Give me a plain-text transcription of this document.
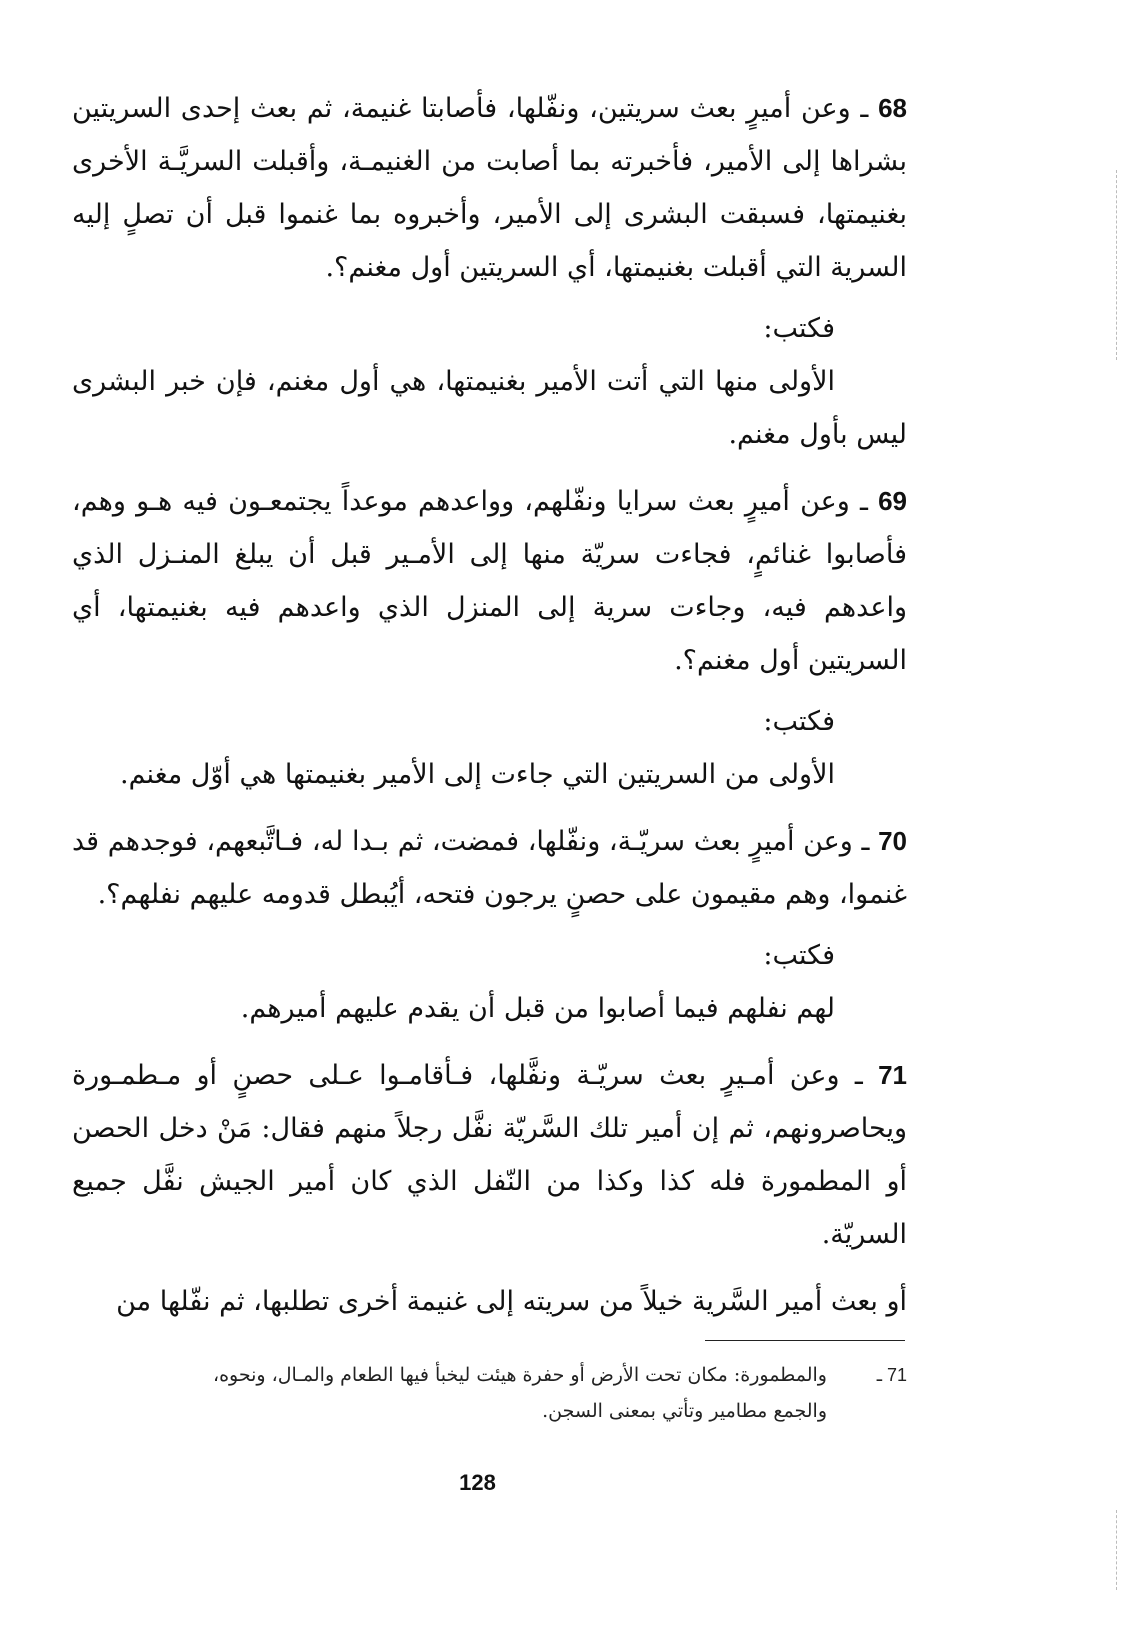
68 ـ وعن أميرٍ بعث سريتين، ونفّلها، فأصابتا غنيمة، ثم بعث إحدى السريتين بشراها إلى الأمير، فأخبرته بما أصابت من الغنيمـة، وأقبلت السريَّـة الأخرى بغنيمتها، فسبقت البشرى إلى الأمير، وأخبروه بما غنموا قبل أن تصلٍ إليه السرية التي أقبلت بغنيمتها، أي السريتين أول مغنم؟.

فكتب:

الأولى منها التي أتت الأمير بغنيمتها، هي أول مغنم، فإن خبر البشرى ليس بأول مغنم.

69 ـ وعن أميرٍ بعث سرايا ونفّلهم، وواعدهم موعداً يجتمعـون فيه هـو وهم، فأصابوا غنائمٍ، فجاءت سريّة منها إلى الأمـير قبل أن يبلغ المنـزل الذي واعدهم فيه، وجاءت سرية إلى المنزل الذي واعدهم فيه بغنيمتها، أي السريتين أول مغنم؟.

فكتب:

الأولى من السريتين التي جاءت إلى الأمير بغنيمتها هي أوّل مغنم.

70 ـ وعن أميرٍ بعث سريّـة، ونفّلها، فمضت، ثم بـدا له، فـاتَّبعهم، فوجدهم قد غنموا، وهم مقيمون على حصنٍ يرجون فتحه، أيُبطل قدومه عليهم نفلهم؟.

فكتب:

لهم نفلهم فيما أصابوا من قبل أن يقدم عليهم أميرهم.

71 ـ وعن أمـيرٍ بعث سريّـة ونفَّلها، فـأقامـوا عـلى حصنٍ أو مـطمـورة ويحاصرونهم، ثم إن أمير تلك السَّريّة نفَّل رجلاً منهم فقال: مَنْ دخل الحصن أو المطمورة فله كذا وكذا من النّفل الذي كان أمير الجيش نفَّل جميع السريّة.

أو بعث أمير السَّرية خيلاً من سريته إلى غنيمة أخرى تطلبها، ثم نفّلها من

71 ـ
والمطمورة: مكان تحت الأرض أو حفرة هيئت ليخبأ فيها الطعام والمـال، ونحوه،
والجمع مطامير وتأتي بمعنى السجن.
128
